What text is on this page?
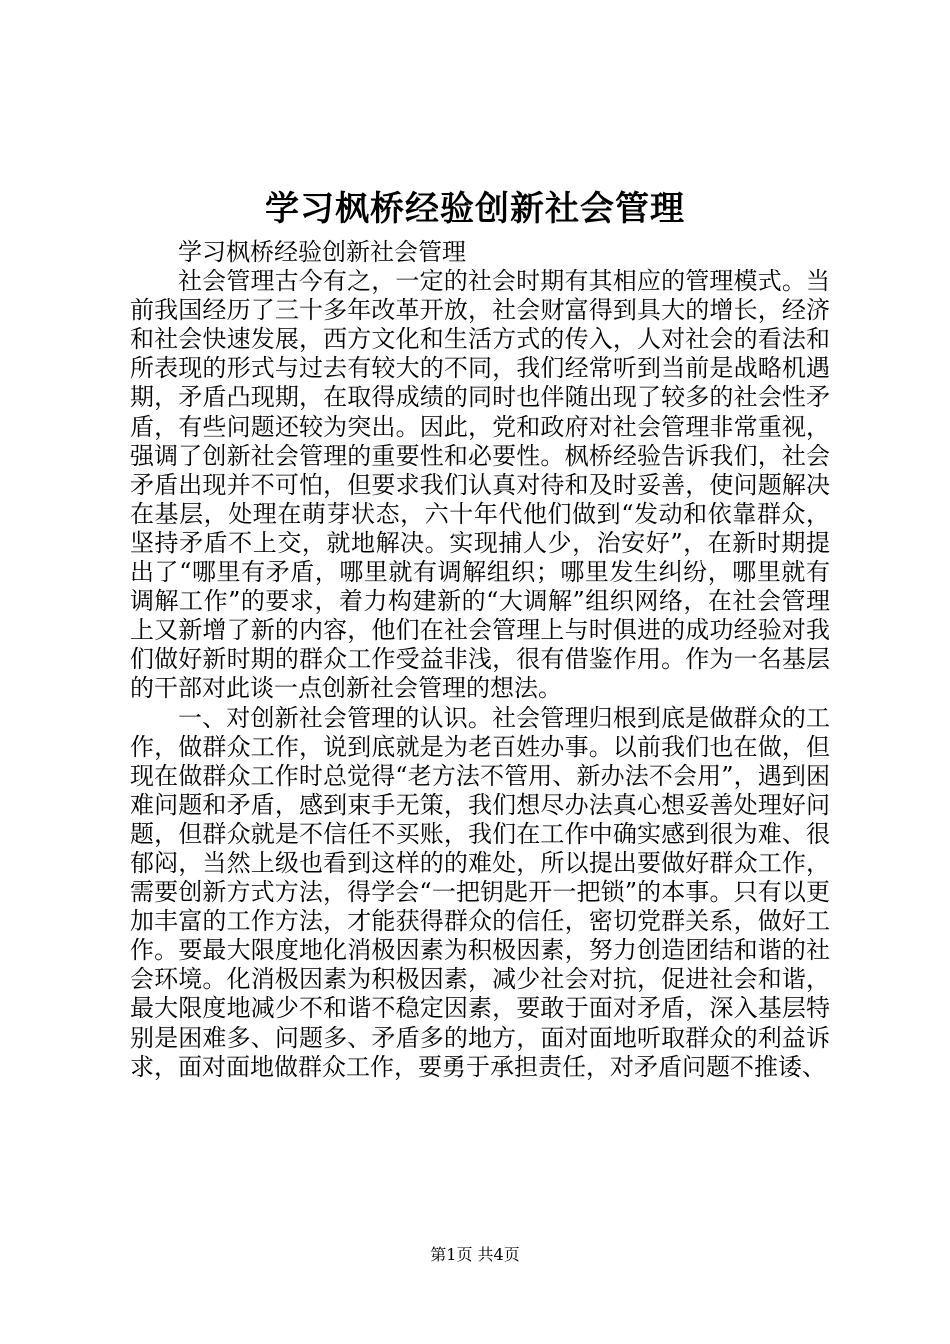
学习枫桥经验创新社会管理

学习枫桥经验创新社会管理

社会管理古今有之，一定的社会时期有其相应的管理模式。当前我国经历了三十多年改革开放，社会财富得到具大的增长，经济和社会快速发展，西方文化和生活方式的传入，人对社会的看法和所表现的形式与过去有较大的不同，我们经常听到当前是战略机遇期，矛盾凸现期，在取得成绩的同时也伴随出现了较多的社会性矛盾，有些问题还较为突出。因此，党和政府对社会管理非常重视，强调了创新社会管理的重要性和必要性。枫桥经验告诉我们，社会矛盾出现并不可怕，但要求我们认真对待和及时妥善，使问题解决在基层，处理在萌芽状态，六十年代他们做到“发动和依靠群众，坚持矛盾不上交，就地解决。实现捕人少，治安好”，在新时期提出了“哪里有矛盾，哪里就有调解组织；哪里发生纠纷，哪里就有调解工作”的要求，着力构建新的“大调解”组织网络，在社会管理上又新增了新的内容，他们在社会管理上与时俱进的成功经验对我们做好新时期的群众工作受益非浅，很有借鉴作用。作为一名基层的干部对此谈一点创新社会管理的想法。

一、对创新社会管理的认识。社会管理归根到底是做群众的工作，做群众工作，说到底就是为老百姓办事。以前我们也在做，但现在做群众工作时总觉得“老方法不管用、新办法不会用”，遇到困难问题和矛盾，感到束手无策，我们想尽办法真心想妥善处理好问题，但群众就是不信任不买账，我们在工作中确实感到很为难、很郁闷，当然上级也看到这样的的难处，所以提出要做好群众工作，需要创新方式方法，得学会“一把钥匙开一把锁”的本事。只有以更加丰富的工作方法，才能获得群众的信任，密切党群关系，做好工作。要最大限度地化消极因素为积极因素，努力创造团结和谐的社会环境。化消极因素为积极因素，减少社会对抗，促进社会和谐，最大限度地减少不和谐不稳定因素，要敢于面对矛盾，深入基层特别是困难多、问题多、矛盾多的地方，面对面地听取群众的利益诉求，面对面地做群众工作，要勇于承担责任，对矛盾问题不推诿、

第1页 共4页
